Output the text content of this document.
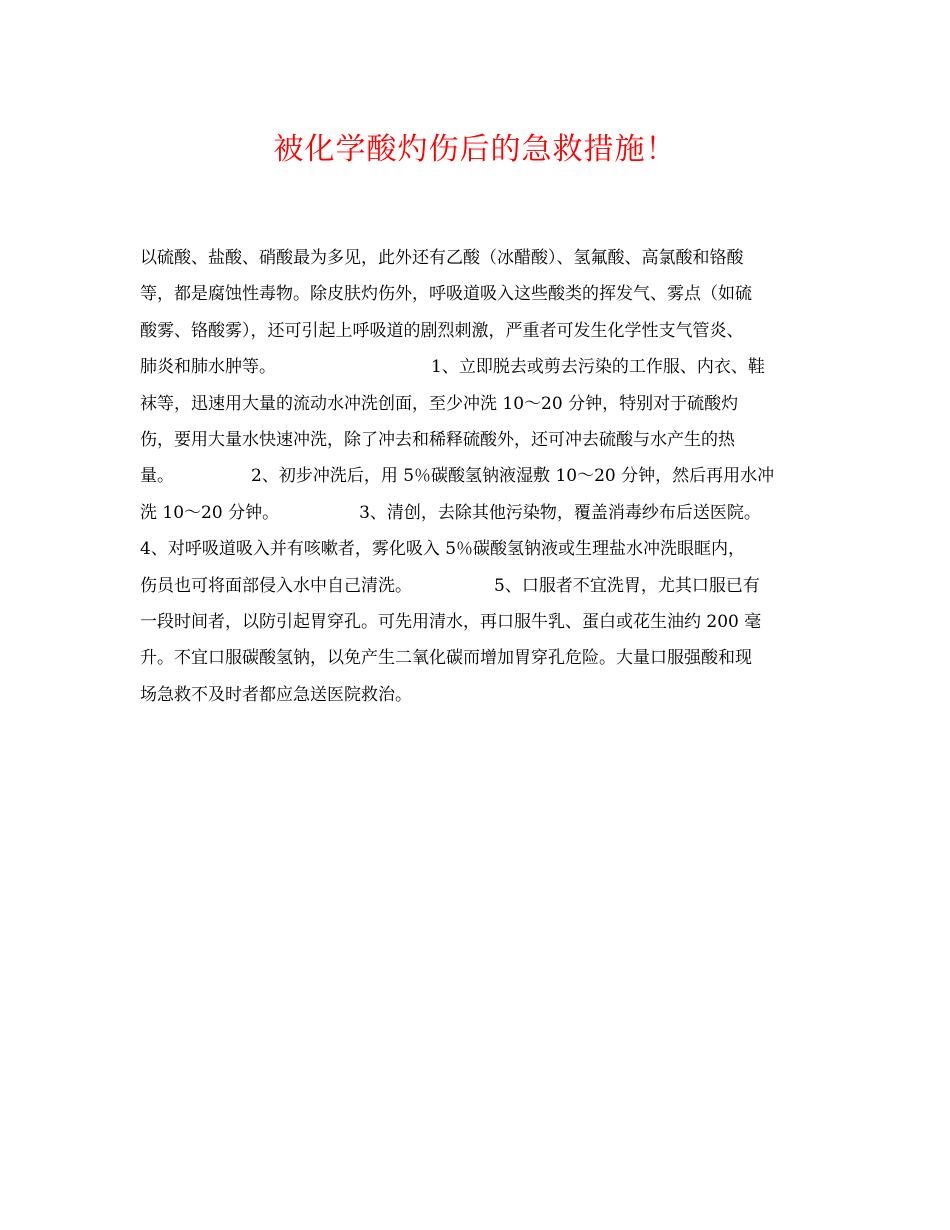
被化学酸灼伤后的急救措施！
以硫酸、盐酸、硝酸最为多见，此外还有乙酸（冰醋酸）、氢氟酸、高氯酸和铬酸
等，都是腐蚀性毒物。除皮肤灼伤外，呼吸道吸入这些酸类的挥发气、雾点（如硫
酸雾、铬酸雾），还可引起上呼吸道的剧烈刺激，严重者可发生化学性支气管炎、
肺炎和肺水肿等。	1、立即脱去或剪去污染的工作服、内衣、鞋
袜等，迅速用大量的流动水冲洗创面，至少冲洗 10～20 分钟，特别对于硫酸灼
伤，要用大量水快速冲洗，除了冲去和稀释硫酸外，还可冲去硫酸与水产生的热
量。	2、初步冲洗后，用 5％碳酸氢钠液湿敷 10～20 分钟，然后再用水冲
洗 10～20 分钟。	3、清创，去除其他污染物，覆盖消毒纱布后送医院。
4、对呼吸道吸入并有咳嗽者，雾化吸入 5％碳酸氢钠液或生理盐水冲洗眼眶内，
伤员也可将面部侵入水中自己清洗。	5、口服者不宜洗胃，尤其口服已有
一段时间者，以防引起胃穿孔。可先用清水，再口服牛乳、蛋白或花生油约 200 毫
升。不宜口服碳酸氢钠，以免产生二氧化碳而增加胃穿孔危险。大量口服强酸和现
场急救不及时者都应急送医院救治。
